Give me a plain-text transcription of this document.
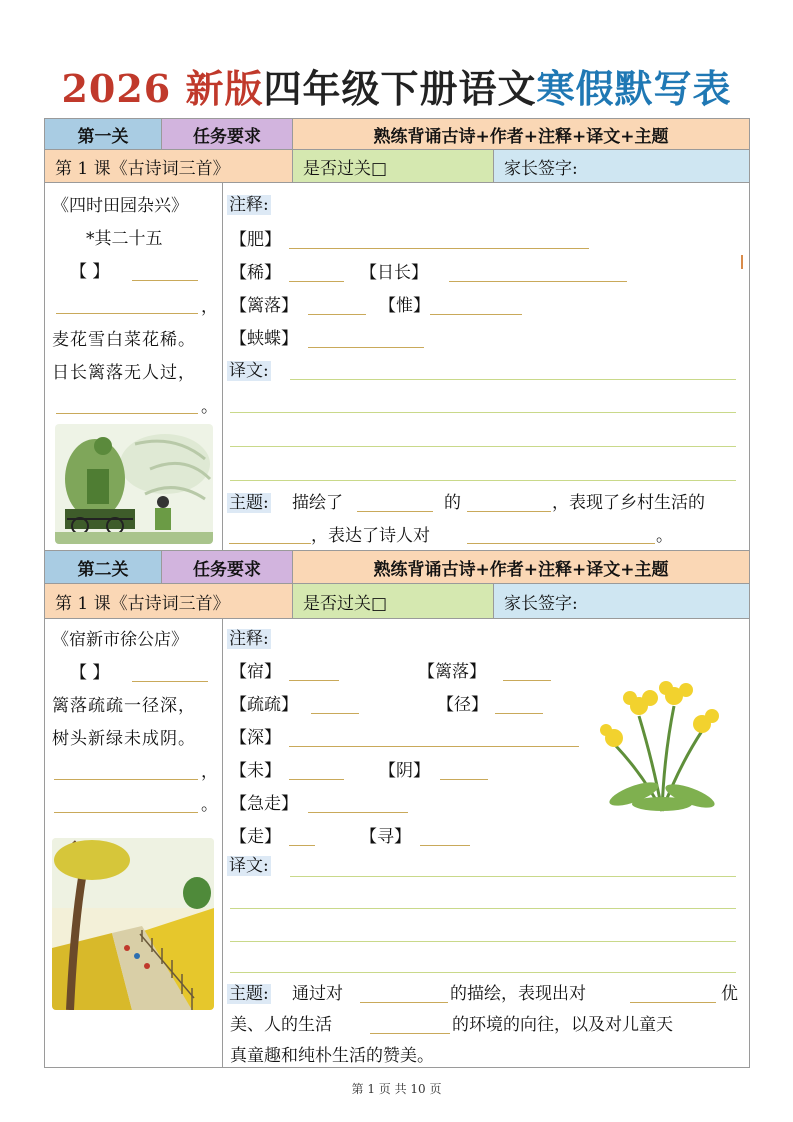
2026 新版四年级下册语文寒假默写表
第一关	任务要求	熟练背诵古诗+作者+注释+译文+主题
第 1 课《古诗词三首》	是否过关□	家长签字:
《四时田园杂兴》
*其二十五
【 】
，
麦花雪白菜花稀。
日长篱落无人过，
。
注释:
【肥】
【稀】	【日长】
【篱落】	【惟】
【蛱蝶】
译文:
主题: 描绘了	的	，表现了乡村生活的
，表达了诗人对	。
第二关	任务要求	熟练背诵古诗+作者+注释+译文+主题
第 1 课《古诗词三首》	是否过关□	家长签字:
《宿新市徐公店》
【 】
篱落疏疏一径深，
树头新绿未成阴。
，
。
注释:
【宿】	【篱落】
【疏疏】	【径】
【深】
【未】	【阴】
【急走】
【走】	【寻】
译文:
主题: 通过对	的描绘，表现出对	优
美、人的生活	的环境的向往，以及对儿童天
真童趣和纯朴生活的赞美。
第 1 页 共 10 页
